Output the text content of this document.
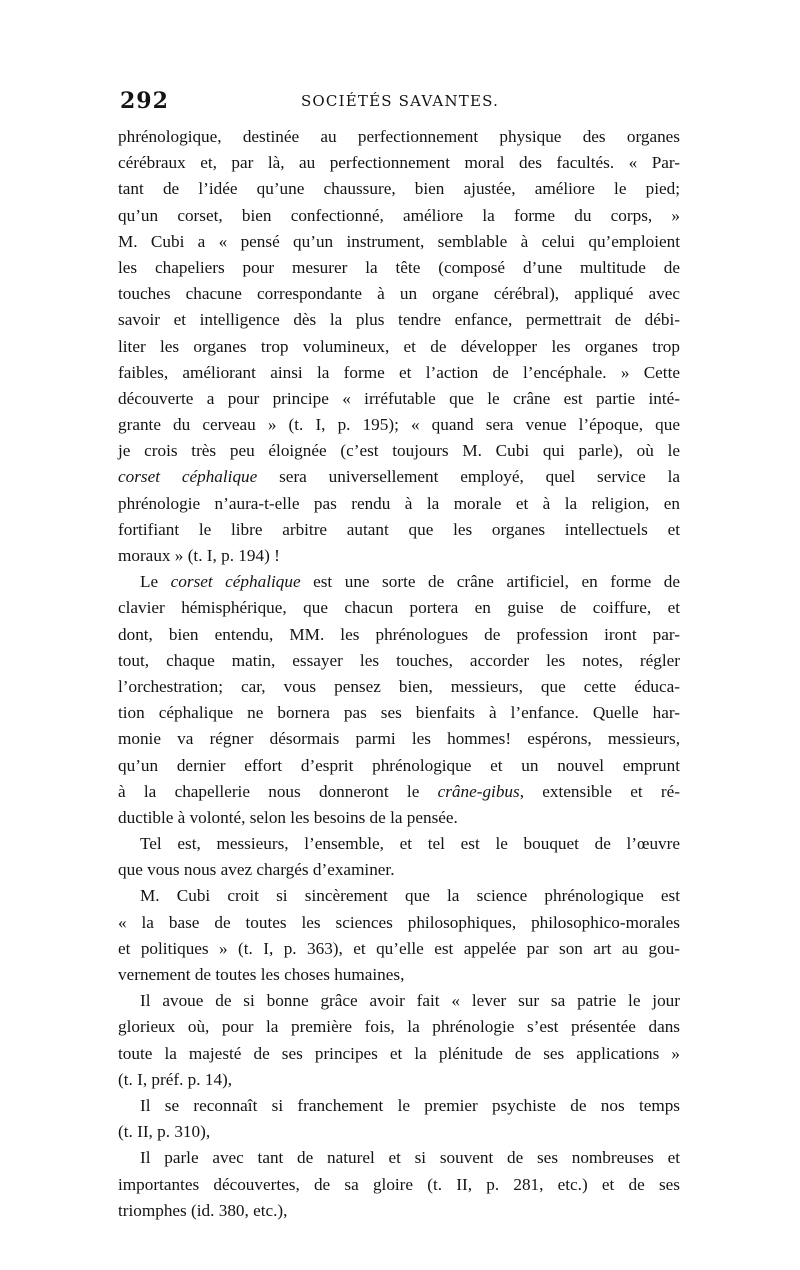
292	SOCIÉTÉS SAVANTES.
phrénologique, destinée au perfectionnement physique des organes
cérébraux et, par là, au perfectionnement moral des facultés. « Par-
tant de l’idée qu’une chaussure, bien ajustée, améliore le pied;
qu’un corset, bien confectionné, améliore la forme du corps, »
M. Cubi a « pensé qu’un instrument, semblable à celui qu’emploient
les chapeliers pour mesurer la tête (composé d’une multitude de
touches chacune correspondante à un organe cérébral), appliqué avec
savoir et intelligence dès la plus tendre enfance, permettrait de débi-
liter les organes trop volumineux, et de développer les organes trop
faibles, améliorant ainsi la forme et l’action de l’encéphale. » Cette
découverte a pour principe « irréfutable que le crâne est partie inté-
grante du cerveau » (t. I, p. 195); « quand sera venue l’époque, que
je crois très peu éloignée (c’est toujours M. Cubi qui parle), où le
corset céphalique sera universellement employé, quel service la
phrénologie n’aura-t-elle pas rendu à la morale et à la religion, en
fortifiant le libre arbitre autant que les organes intellectuels et
moraux » (t. I, p. 194) !
Le corset céphalique est une sorte de crâne artificiel, en forme de
clavier hémisphérique, que chacun portera en guise de coiffure, et
dont, bien entendu, MM. les phrénologues de profession iront par-
tout, chaque matin, essayer les touches, accorder les notes, régler
l’orchestration; car, vous pensez bien, messieurs, que cette éduca-
tion céphalique ne bornera pas ses bienfaits à l’enfance. Quelle har-
monie va régner désormais parmi les hommes! espérons, messieurs,
qu’un dernier effort d’esprit phrénologique et un nouvel emprunt
à la chapellerie nous donneront le crâne-gibus, extensible et ré-
ductible à volonté, selon les besoins de la pensée.
Tel est, messieurs, l’ensemble, et tel est le bouquet de l’œuvre
que vous nous avez chargés d’examiner.
M. Cubi croit si sincèrement que la science phrénologique est
« la base de toutes les sciences philosophiques, philosophico-morales
et politiques » (t. I, p. 363), et qu’elle est appelée par son art au gou-
vernement de toutes les choses humaines,
Il avoue de si bonne grâce avoir fait « lever sur sa patrie le jour
glorieux où, pour la première fois, la phrénologie s’est présentée dans
toute la majesté de ses principes et la plénitude de ses applications »
(t. I, préf. p. 14),
Il se reconnaît si franchement le premier psychiste de nos temps
(t. II, p. 310),
Il parle avec tant de naturel et si souvent de ses nombreuses et
importantes découvertes, de sa gloire (t. II, p. 281, etc.) et de ses
triomphes (id. 380, etc.),
